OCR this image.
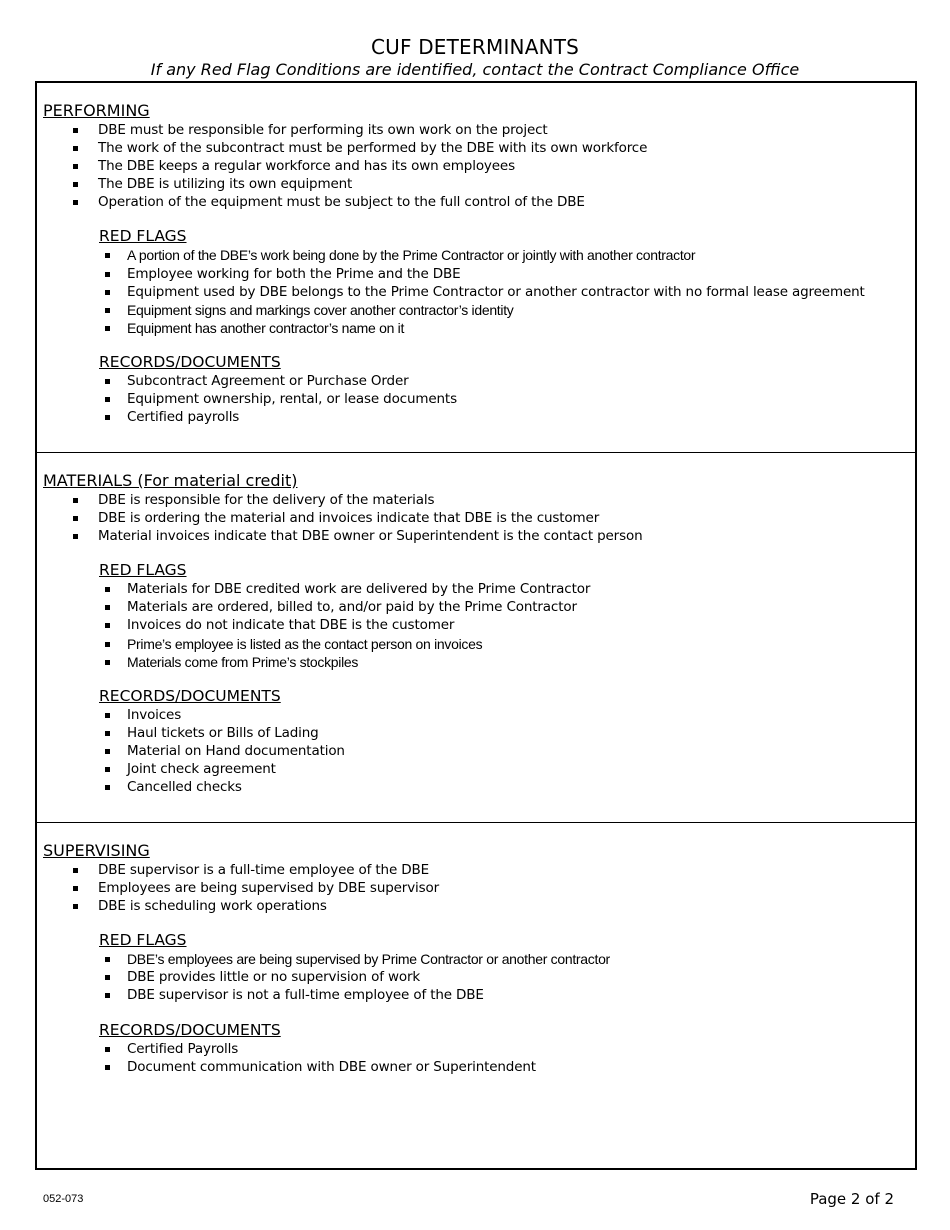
CUF DETERMINANTS
If any Red Flag Conditions are identified, contact the Contract Compliance Office
PERFORMING
DBE must be responsible for performing its own work on the project
The work of the subcontract must be performed by the DBE with its own workforce
The DBE keeps a regular workforce and has its own employees
The DBE is utilizing its own equipment
Operation of the equipment must be subject to the full control of the DBE
RED FLAGS
A portion of the DBE’s work being done by the Prime Contractor or jointly with another contractor
Employee working for both the Prime and the DBE
Equipment used by DBE belongs to the Prime Contractor or another contractor with no formal lease agreement
Equipment signs and markings cover another contractor’s identity
Equipment has another contractor’s name on it
RECORDS/DOCUMENTS
Subcontract Agreement or Purchase Order
Equipment ownership, rental, or lease documents
Certified payrolls
MATERIALS (For material credit)
DBE is responsible for the delivery of the materials
DBE is ordering the material and invoices indicate that DBE is the customer
Material invoices indicate that DBE owner or Superintendent is the contact person
RED FLAGS
Materials for DBE credited work are delivered by the Prime Contractor
Materials are ordered, billed to, and/or paid by the Prime Contractor
Invoices do not indicate that DBE is the customer
Prime’s employee is listed as the contact person on invoices
Materials come from Prime’s stockpiles
RECORDS/DOCUMENTS
Invoices
Haul tickets or Bills of Lading
Material on Hand documentation
Joint check agreement
Cancelled checks
SUPERVISING
DBE supervisor is a full-time employee of the DBE
Employees are being supervised by DBE supervisor
DBE is scheduling work operations
RED FLAGS
DBE’s employees are being supervised by Prime Contractor or another contractor
DBE provides little or no supervision of work
DBE supervisor is not a full-time employee of the DBE
RECORDS/DOCUMENTS
Certified Payrolls
Document communication with DBE owner or Superintendent
052-073	Page 2 of 2
